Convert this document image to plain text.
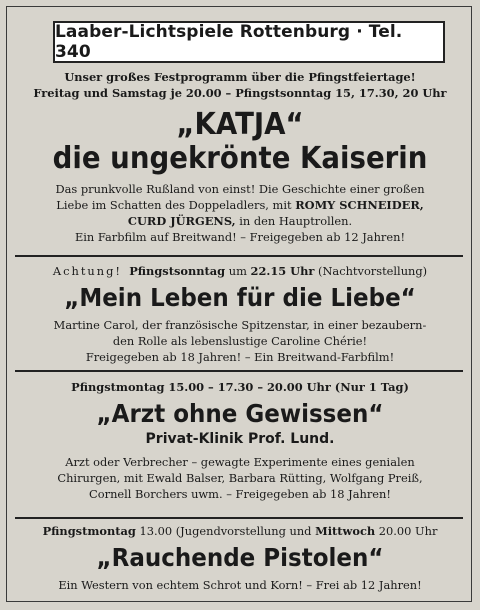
Laaber-Lichtspiele Rottenburg · Tel. 340
Unser großes Festprogramm über die Pfingstfeiertage!
Freitag und Samstag je 20.00 – Pfingstsonntag 15, 17.30, 20 Uhr
„KATJA“
die ungekrönte Kaiserin
Das prunkvolle Rußland von einst! Die Geschichte einer großen
Liebe im Schatten des Doppeladlers, mit ROMY SCHNEIDER,
CURD JÜRGENS, in den Hauptrollen.
Ein Farbfilm auf Breitwand! – Freigegeben ab 12 Jahren!
Achtung! Pfingstsonntag um 22.15 Uhr (Nachtvorstellung)
„Mein Leben für die Liebe“
Martine Carol, der französische Spitzenstar, in einer bezaubern-
den Rolle als lebenslustige Caroline Chérie!
Freigegeben ab 18 Jahren! – Ein Breitwand-Farbfilm!
Pfingstmontag 15.00 – 17.30 – 20.00 Uhr (Nur 1 Tag)
„Arzt ohne Gewissen“
Privat-Klinik Prof. Lund.
Arzt oder Verbrecher – gewagte Experimente eines genialen
Chirurgen, mit Ewald Balser, Barbara Rütting, Wolfgang Preiß,
Cornell Borchers uwm. – Freigegeben ab 18 Jahren!
Pfingstmontag 13.00 (Jugendvorstellung und Mittwoch 20.00 Uhr
„Rauchende Pistolen“
Ein Western von echtem Schrot und Korn! – Frei ab 12 Jahren!
